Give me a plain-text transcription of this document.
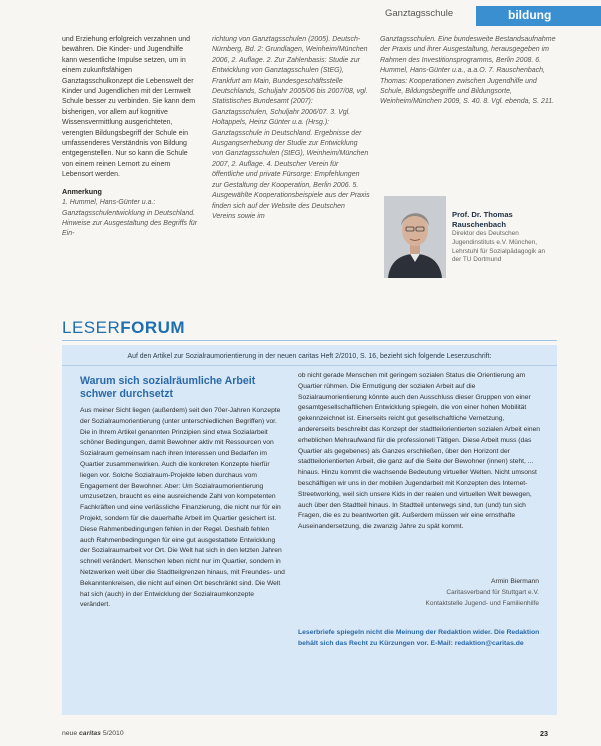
Ganztagsschule	bildung

und Erziehung erfolgreich verzahnen und bewähren. Die Kinder- und Jugendhilfe kann wesentliche Impulse setzen, um in einem zukunftsfähigen Ganztagsschulkonzept die Lebenswelt der Kinder und Jugendlichen mit der Lernwelt Schule besser zu verbinden. Sie kann dem bisherigen, vor allem auf kognitive Wissensvermittlung ausgerichteten, verengten Bildungsbegriff der Schule ein umfassenderes Verständnis von Bildung entgegenstellen. Nur so kann die Schule von einem reinen Lernort zu einem Lebensort werden.

Anmerkung
1. Hummel, Hans-Günter u.a.: Ganztagsschulentwicklung in Deutschland. Hinweise zur Ausgestaltung des Begriffs für Ein-
richtung von Ganztagsschulen (2005). Deutsch-Nürnberg, Bd. 2: Grundlagen, Weinheim/München 2006, 2. Auflage. 2. Zur Zahlenbasis: Studie zur Entwicklung von Ganztagsschulen (StEG), Frankfurt am Main, Bundesgeschäftsstelle Deutschlands, Schuljahr 2005/06 bis 2007/08, vgl. Statistisches Bundesamt (2007): Ganztagsschulen, Schuljahr 2006/07. 3. Vgl. Holtappels, Heinz Günter u.a. (Hrsg.): Ganztagsschule in Deutschland. Ergebnisse der Ausgangserhebung der Studie zur Entwicklung von Ganztagsschulen (StEG), Weinheim/München 2007, 2. Auflage. 4. Deutscher Verein für öffentliche und private Fürsorge: Empfehlungen zur Gestaltung der Kooperation, Berlin 2006. 5. Ausgewählte Kooperationsbeispiele aus der Praxis finden sich auf der Website des Deutschen Vereins sowie im
Ganztagsschulen. Eine bundesweite Bestandsaufnahme der Praxis und ihrer Ausgestaltung, herausgegeben im Rahmen des Investitionsprogramms, Berlin 2008. 6. Hummel, Hans-Günter u.a., a.a.O. 7. Rauschenbach, Thomas: Kooperationen zwischen Jugendhilfe und Schule, Bildungsbegriffe und Bildungsorte, Weinheim/München 2009, S. 40. 8. Vgl. ebenda, S. 211.
Prof. Dr. Thomas Rauschenbach
Direktor des Deutschen Jugendinstituts e.V. München, Lehrstuhl für Sozialpädagogik an der TU Dortmund
LESERFORUM
Auf den Artikel zur Sozialraumorientierung in der neuen caritas Heft 2/2010, S. 16, bezieht sich folgende Leserzuschrift:
Warum sich sozialräumliche Arbeit schwer durchsetzt
Aus meiner Sicht liegen (außerdem) seit den 70er-Jahren Konzepte der Sozialraumorientierung (unter unterschiedlichen Begriffen) vor. Die in Ihrem Artikel genannten Prinzipien sind etwa Sozialarbeit schöner Bedingungen, damit Bewohner aktiv mit Ressourcen von Sozialraum gemeinsam nach ihren Interessen und Bedarfen im Quartier zusammenwirken. Auch die konkreten Konzepte hierfür liegen vor. Solche Sozialraum-Projekte leben durchaus vom Engagement der Bewohner. Aber: Um Sozialraumorientierung umzusetzen, braucht es eine ausreichende Zahl von kompetenten Fachkräften und eine verlässliche Finanzierung, die nicht nur für ein Projekt, sondern für die dauerhafte Arbeit im Quartier gesichert ist. Diese Rahmenbedingungen fehlen in der Regel. Deshalb fehlen auch Rahmenbedingungen für eine gut ausgestattete Entwicklung der Sozialraumarbeit vor Ort. Die Welt hat sich in den letzten Jahren schnell verändert. Menschen leben nicht nur im Quartier, sondern in Netzwerken weit über die Stadtteilgrenzen hinaus, mit Freundes- und Bekanntenkreisen, die nicht auf einen Ort beschränkt sind. Die Welt hat sich (auch) in der Entwicklung der Sozialraumkonzepte verändert.
ob nicht gerade Menschen mit geringem sozialen Status die Orientierung am Quartier rühmen. Die Ermutigung der sozialen Arbeit auf die Sozialraumorientierung könnte auch den Ausschluss dieser Gruppen von einer gesamtgesellschaftlichen Entwicklung spiegeln, die von einer hohen Mobilität gekennzeichnet ist. Einerseits reicht gut gesellschaftliche Vernetzung, andererseits beschreibt das Konzept der stadtteilorientierten sozialen Arbeit einen erheblichen Mehraufwand für die professionell Tätigen. Diese Arbeit muss (das Quartier als gegebenes) als Ganzes erschließen, über den Horizont der stadtteilorientierten Arbeit, die ganz auf die Seite der Bewohner (innen) steht, ... hinaus. Hinzu kommt die wachsende Bedeutung virtueller Welten. Nicht umsonst beschäftigen wir uns in der mobilen Jugendarbeit mit Konzepten des Internet-Streetworking, weil sich unsere Kids in der realen und virtuellen Welt bewegen, auch über den Stadtteil hinaus. In Stadtteil unterwegs sind, tun (und) tun sich Fragen, die es zu beantworten gilt. Außerdem müssen wir eine ernsthafte Auseinandersetzung, die zwanzig Jahre zu spät kommt.
Armin Biermann
Caritasverband für Stuttgart e.V.
Kontaktstelle Jugend- und Familienhilfe
Leserbriefe spiegeln nicht die Meinung der Redaktion wider. Die Redaktion behält sich das Recht zu Kürzungen vor. E-Mail: redaktion@caritas.de
neue caritas 5/2010	23
